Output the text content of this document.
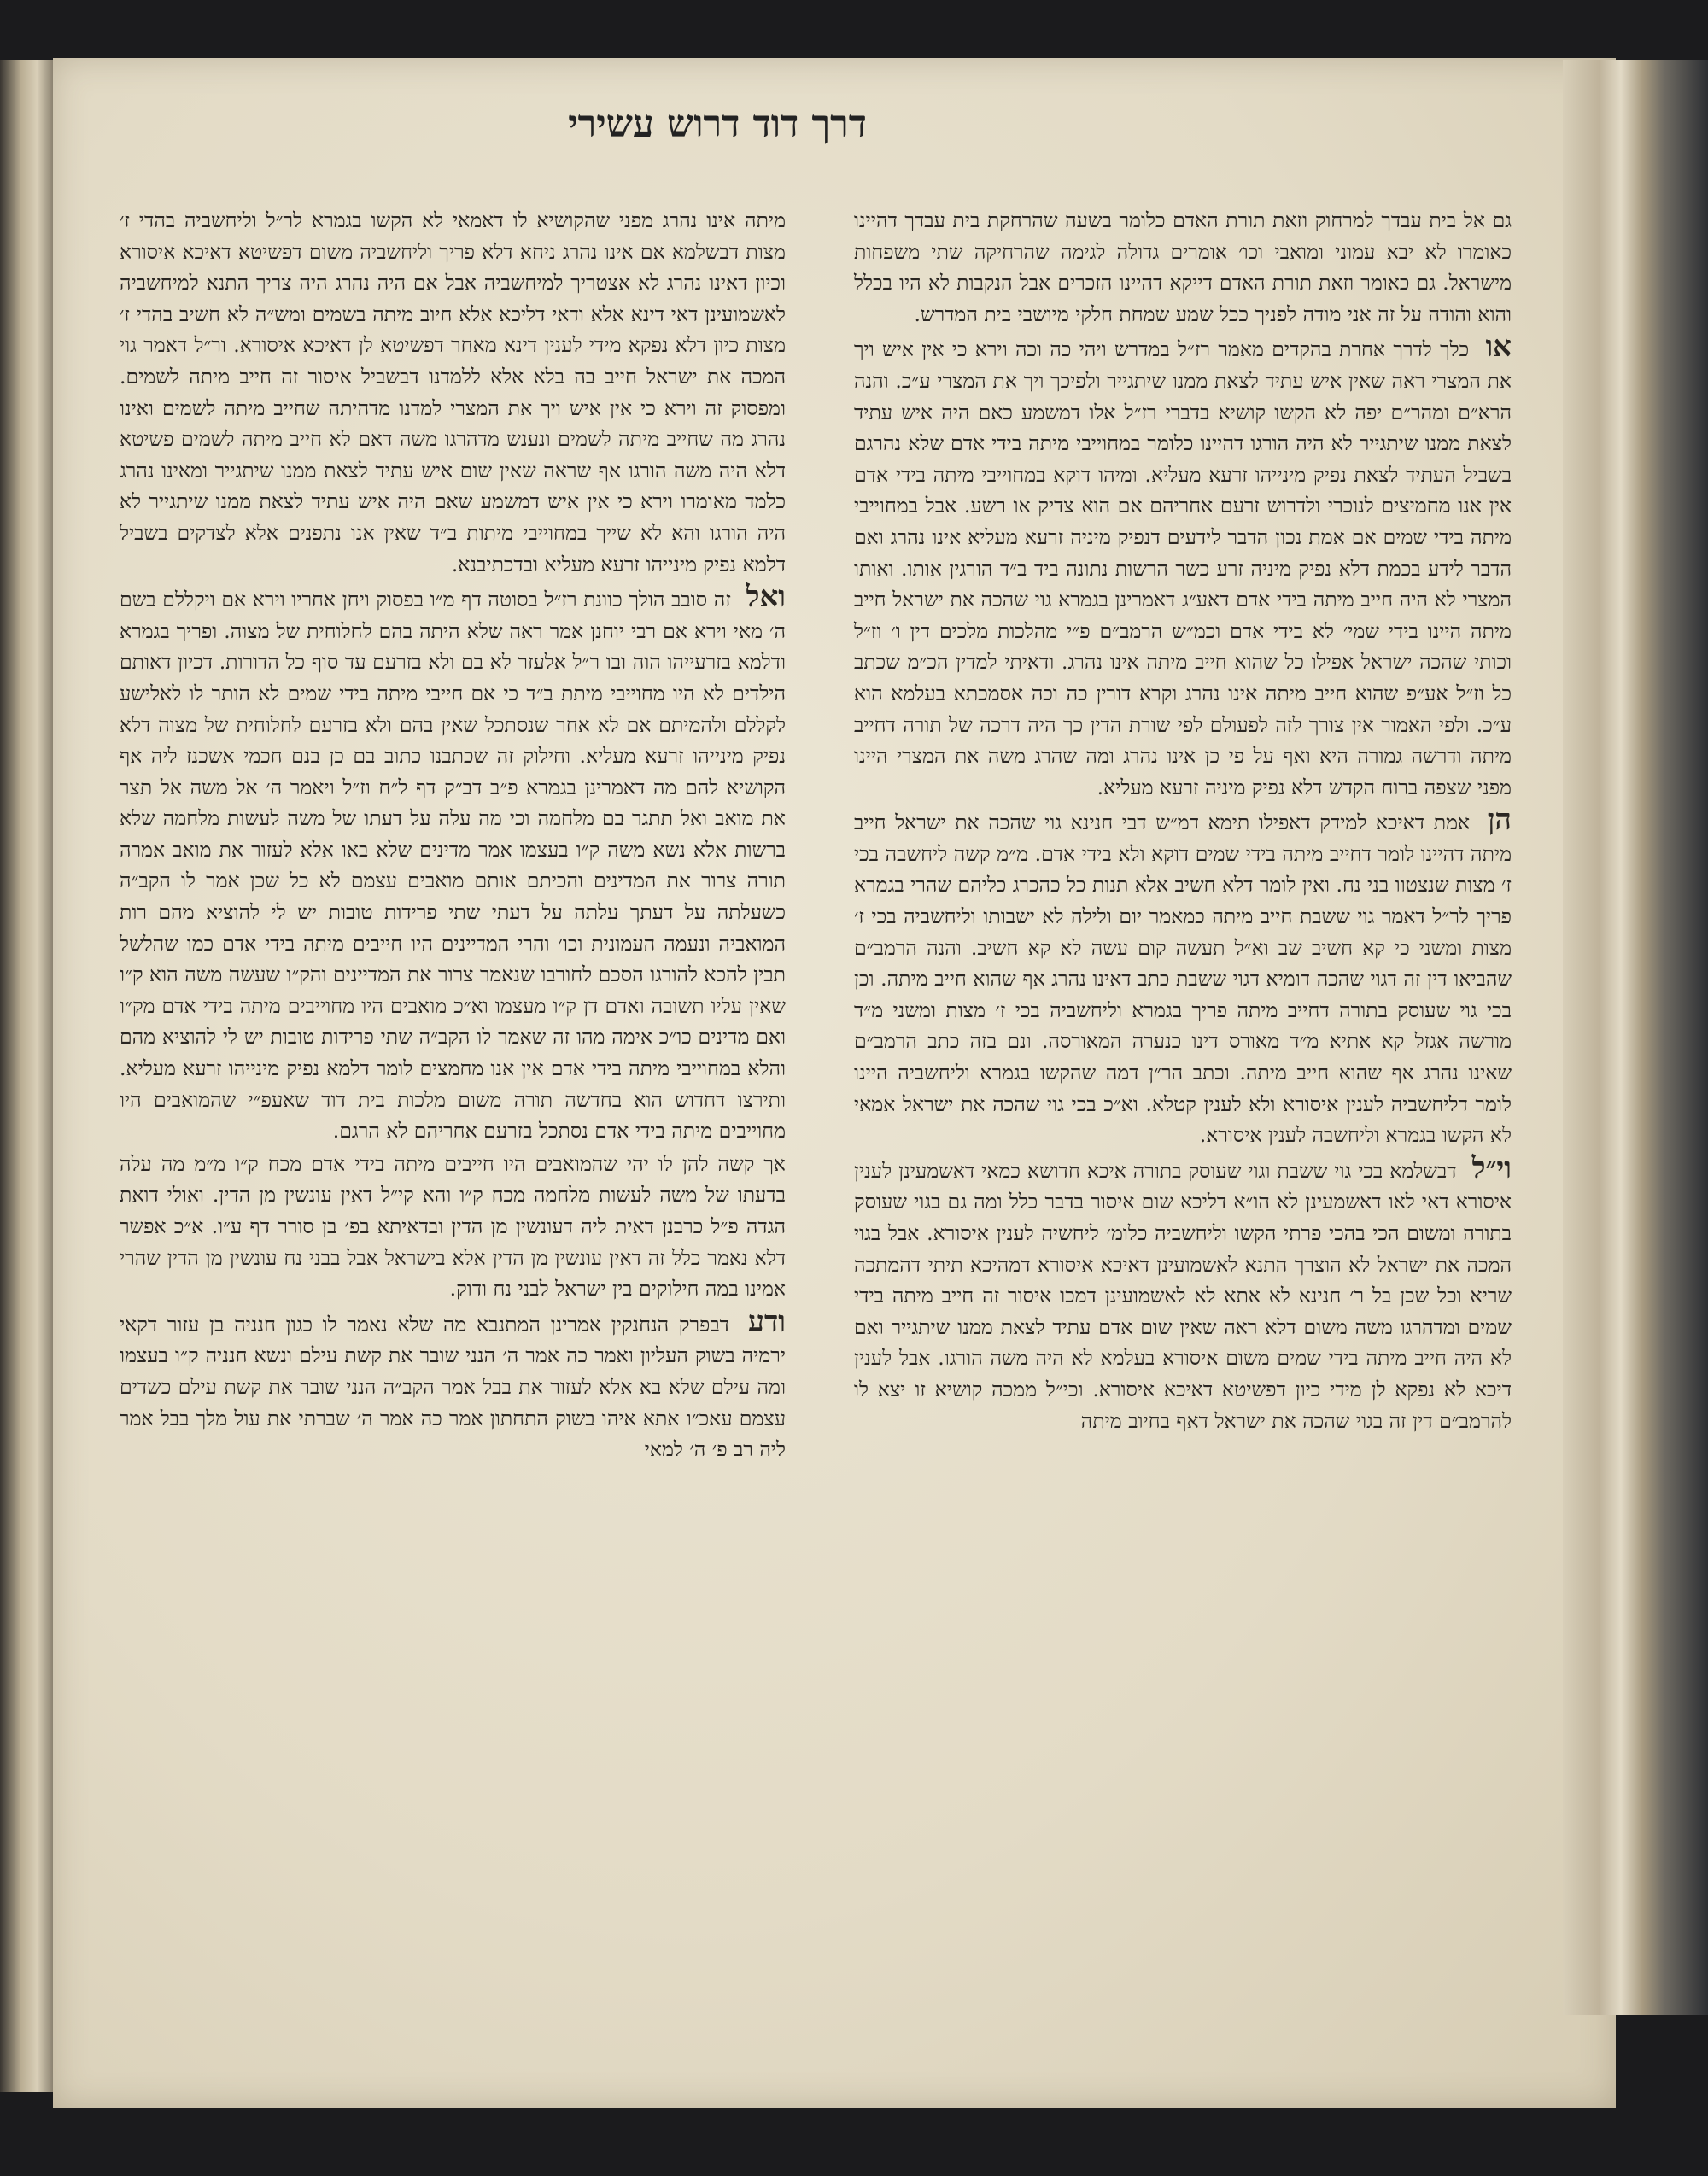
דרך דוד דרוש עשירי

גם אל בית עבדך למרחוק וזאת תורת האדם כלומר בשעה שהרחקת בית עבדך דהיינו כאומרו לא יבא עמוני ומואבי וכו׳ אומרים גדולה לגימה שהרחיקה שתי משפחות מישראל. גם כאומר וזאת תורת האדם דייקא דהיינו הזכרים אבל הנקבות לא היו בכלל והוא והודה על זה אני מודה לפניך ככל שמע שמחת חלקי מיושבי בית המדרש.

או כלך לדרך אחרת בהקדים מאמר רז״ל במדרש ויהי כה וכה וירא כי אין איש ויך את המצרי ראה שאין איש עתיד לצאת ממנו שיתגייר ולפיכך ויך את המצרי ע״כ. והנה הרא״ם ומהר״ם יפה לא הקשו קושיא בדברי רז״ל אלו דמשמע כאם היה איש עתיד לצאת ממנו שיתגייר לא היה הורגו דהיינו כלומר במחוייבי מיתה בידי אדם שלא נהרגם בשביל העתיד לצאת נפיק מינייהו זרעא מעליא. ומיהו דוקא במחוייבי מיתה בידי אדם אין אנו מחמיצים לנוכרי ולדרוש זרעם אחריהם אם הוא צדיק או רשע. אבל במחוייבי מיתה בידי שמים אם אמת נכון הדבר לידעים דנפיק מיניה זרעא מעליא אינו נהרג ואם הדבר לידע בכמת דלא נפיק מיניה זרע כשר הרשות נתונה ביד ב״ד הורגין אותו. ואותו המצרי לא היה חייב מיתה בידי אדם דאע״ג דאמרינן בגמרא גוי שהכה את ישראל חייב מיתה היינו בידי שמי׳ לא בידי אדם וכמ״ש הרמב״ם פ״י מהלכות מלכים דין ו׳ וז״ל וכותי שהכה ישראל אפילו כל שהוא חייב מיתה אינו נהרג. ודאיתי למדין הכ״מ שכתב כל וז״ל אע״פ שהוא חייב מיתה אינו נהרג וקרא דורין כה וכה אסמכתא בעלמא הוא ע״כ. ולפי האמור אין צורך לזה לפעולם לפי שורת הדין כך היה דרכה של תורה דחייב מיתה ודרשה גמורה היא ואף על פי כן אינו נהרג ומה שהרג משה את המצרי היינו מפני שצפה ברוח הקדש דלא נפיק מיניה זרעא מעליא.

הן אמת דאיכא למידק דאפילו תימא דמ״ש דבי חנינא גוי שהכה את ישראל חייב מיתה דהיינו לומר דחייב מיתה בידי שמים דוקא ולא בידי אדם. מ״מ קשה ליחשבה בכי ז׳ מצות שנצטוו בני נח. ואין לומר דלא חשיב אלא תנות כל כהכרג כליהם שהרי בגמרא פריך לר״ל דאמר גוי ששבת חייב מיתה כמאמר יום ולילה לא ישבותו וליחשביה בכי ז׳ מצות ומשני כי קא חשיב שב וא״ל תעשה קום עשה לא קא חשיב. והנה הרמב״ם שהביאו דין זה דגוי שהכה דומיא דגוי ששבת כתב דאינו נהרג אף שהוא חייב מיתה. וכן בכי גוי שעוסק בתורה דחייב מיתה פריך בגמרא וליחשביה בכי ז׳ מצות ומשני מ״ד מורשה אגזל קא אתיא מ״ד מאורס דינו כנערה המאורסה. ונם בזה כתב הרמב״ם שאינו נהרג אף שהוא חייב מיתה. וכתב הר״ן דמה שהקשו בגמרא וליחשביה היינו לומר דליחשביה לענין איסורא ולא לענין קטלא. וא״כ בכי גוי שהכה את ישראל אמאי לא הקשו בגמרא וליחשבה לענין איסורא.

וי״ל דבשלמא בכי גוי ששבת וגוי שעוסק בתורה איכא חדושא כמאי דאשמעינן לענין איסורא דאי לאו דאשמעינן לא הו״א דליכא שום איסור בדבר כלל ומה גם בגוי שעוסק בתורה ומשום הכי בהכי פרתי הקשו וליחשביה כלומ׳ ליחשיה לענין איסורא. אבל בגוי המכה את ישראל לא הוצרך התנא לאשמועינן דאיכא איסורא דמהיכא תיתי דהמתכה שריא וכל שכן בל ר׳ חנינא לא אתא לא לאשמועינן דמכו איסור זה חייב מיתה בידי שמים ומדהרגו משה משום דלא ראה שאין שום אדם עתיד לצאת ממנו שיתגייר ואם לא היה חייב מיתה בידי שמים משום איסורא בעלמא לא היה משה הורגו. אבל לענין דיכא לא נפקא לן מידי כיון דפשיטא דאיכא איסורא. וכי״ל ממכה קושיא זו יצא לו להרמב״ם דין זה בגוי שהכה את ישראל דאף בחיוב מיתה

מיתה אינו נהרג מפני שהקושיא לו דאמאי לא הקשו בגמרא לר״ל וליחשביה בהדי ז׳ מצות דבשלמא אם אינו נהרג ניחא דלא פריך וליחשביה משום דפשיטא דאיכא איסורא וכיון דאינו נהרג לא אצטריך למיחשביה אבל אם היה נהרג היה צריך התנא למיחשביה לאשמועינן דאי דינא אלא ודאי דליכא אלא חיוב מיתה בשמים ומש״ה לא חשיב בהדי ז׳ מצות כיון דלא נפקא מידי לענין דינא מאחר דפשיטא לן דאיכא איסורא. ור״ל דאמר גוי המכה את ישראל חייב בה בלא אלא ללמדנו דבשביל איסור זה חייב מיתה לשמים. ומפסוק זה וירא כי אין איש ויך את המצרי למדנו מדהיתה שחייב מיתה לשמים ואינו נהרג מה שחייב מיתה לשמים ונענש מדהרגו משה דאם לא חייב מיתה לשמים פשיטא דלא היה משה הורגו אף שראה שאין שום איש עתיד לצאת ממנו שיתגייר ומאינו נהרג כלמד מאומרו וירא כי אין איש דמשמע שאם היה איש עתיד לצאת ממנו שיתגייר לא היה הורגו והא לא שייך במחוייבי מיתות ב״ד שאין אנו נתפנים אלא לצדקים בשביל דלמא נפיק מינייהו זרעא מעליא ובדכתיבנא.

ואל זה סובב הולך כוונת רז״ל בסוטה דף מ״ו בפסוק ויחן אחריו וירא אם ויקללם בשם ה׳ מאי וירא אם רבי יוחנן אמר ראה שלא היתה בהם לחלוחית של מצוה. ופריך בגמרא ודלמא בזרעייהו הוה ובו ר״ל אלעזר לא בם ולא בזרעם עד סוף כל הדורות. דכיון דאותם הילדים לא היו מחוייבי מיתת ב״ד כי אם חייבי מיתה בידי שמים לא הותר לו לאלישע לקללם ולהמיתם אם לא אחר שנסתכל שאין בהם ולא בזרעם לחלוחית של מצוה דלא נפיק מינייהו זרעא מעליא. וחילוק זה שכתבנו כתוב בם כן בנם חכמי אשכנז ליה אף הקושיא להם מה דאמרינן בגמרא פ״ב דב״ק דף ל״ח וז״ל ויאמר ה׳ אל משה אל תצר את מואב ואל תתגר בם מלחמה וכי מה עלה על דעתו של משה לעשות מלחמה שלא ברשות אלא נשא משה ק״ו בעצמו אמר מדינים שלא באו אלא לעזור את מואב אמרה תורה צרור את המדינים והכיתם אותם מואבים עצמם לא כל שכן אמר לו הקב״ה כשעלתה על דעתך עלתה על דעתי שתי פרידות טובות יש לי להוציא מהם רות המואביה ונעמה העמונית וכו׳ והרי המדיינים היו חייבים מיתה בידי אדם כמו שהלשל תבין להכא להורגו הסכם לחורבו שנאמר צרור את המדיינים והק״ו שעשה משה הוא ק״ו שאין עליו תשובה ואדם דן ק״ו מעצמו וא״כ מואבים היו מחוייבים מיתה בידי אדם מק״ו ואם מדינים כו״כ אימה מהו זה שאמר לו הקב״ה שתי פרידות טובות יש לי להוציא מהם והלא במחוייבי מיתה בידי אדם אין אנו מחמצים לומר דלמא נפיק מינייהו זרעא מעליא. ותירצו דחדוש הוא בחדשה תורה משום מלכות בית דוד שאעפ״י שהמואבים היו מחוייבים מיתה בידי אדם נסתכל בזרעם אחריהם לא הרגם.

אך קשה להן לו יהי שהמואבים היו חייבים מיתה בידי אדם מכח ק״ו מ״מ מה עלה בדעתו של משה לעשות מלחמה מכח ק״ו והא קי״ל דאין עונשין מן הדין. ואולי דואת הגדה פ״ל כרבנן דאית ליה דעונשין מן הדין ובדאיתא בפ׳ בן סורר דף ע״ו. א״כ אפשר דלא נאמר כלל זה דאין עונשין מן הדין אלא בישראל אבל בבני נח עונשין מן הדין שהרי אמינו במה חילוקים בין ישראל לבני נח ודוק.

ודע דבפרק הנחנקין אמרינן המתנבא מה שלא נאמר לו כגון חנניה בן עזור דקאי ירמיה בשוק העליון ואמר כה אמר ה׳ הנני שובר את קשת עילם ונשא חנניה ק״ו בעצמו ומה עילם שלא בא אלא לעזור את בבל אמר הקב״ה הנני שובר את קשת עילם כשדים עצמם עאכ״ו אתא איהו בשוק התחתון אמר כה אמר ה׳ שברתי את עול מלך בבל אמר ליה רב פ׳ ה׳ למאי
